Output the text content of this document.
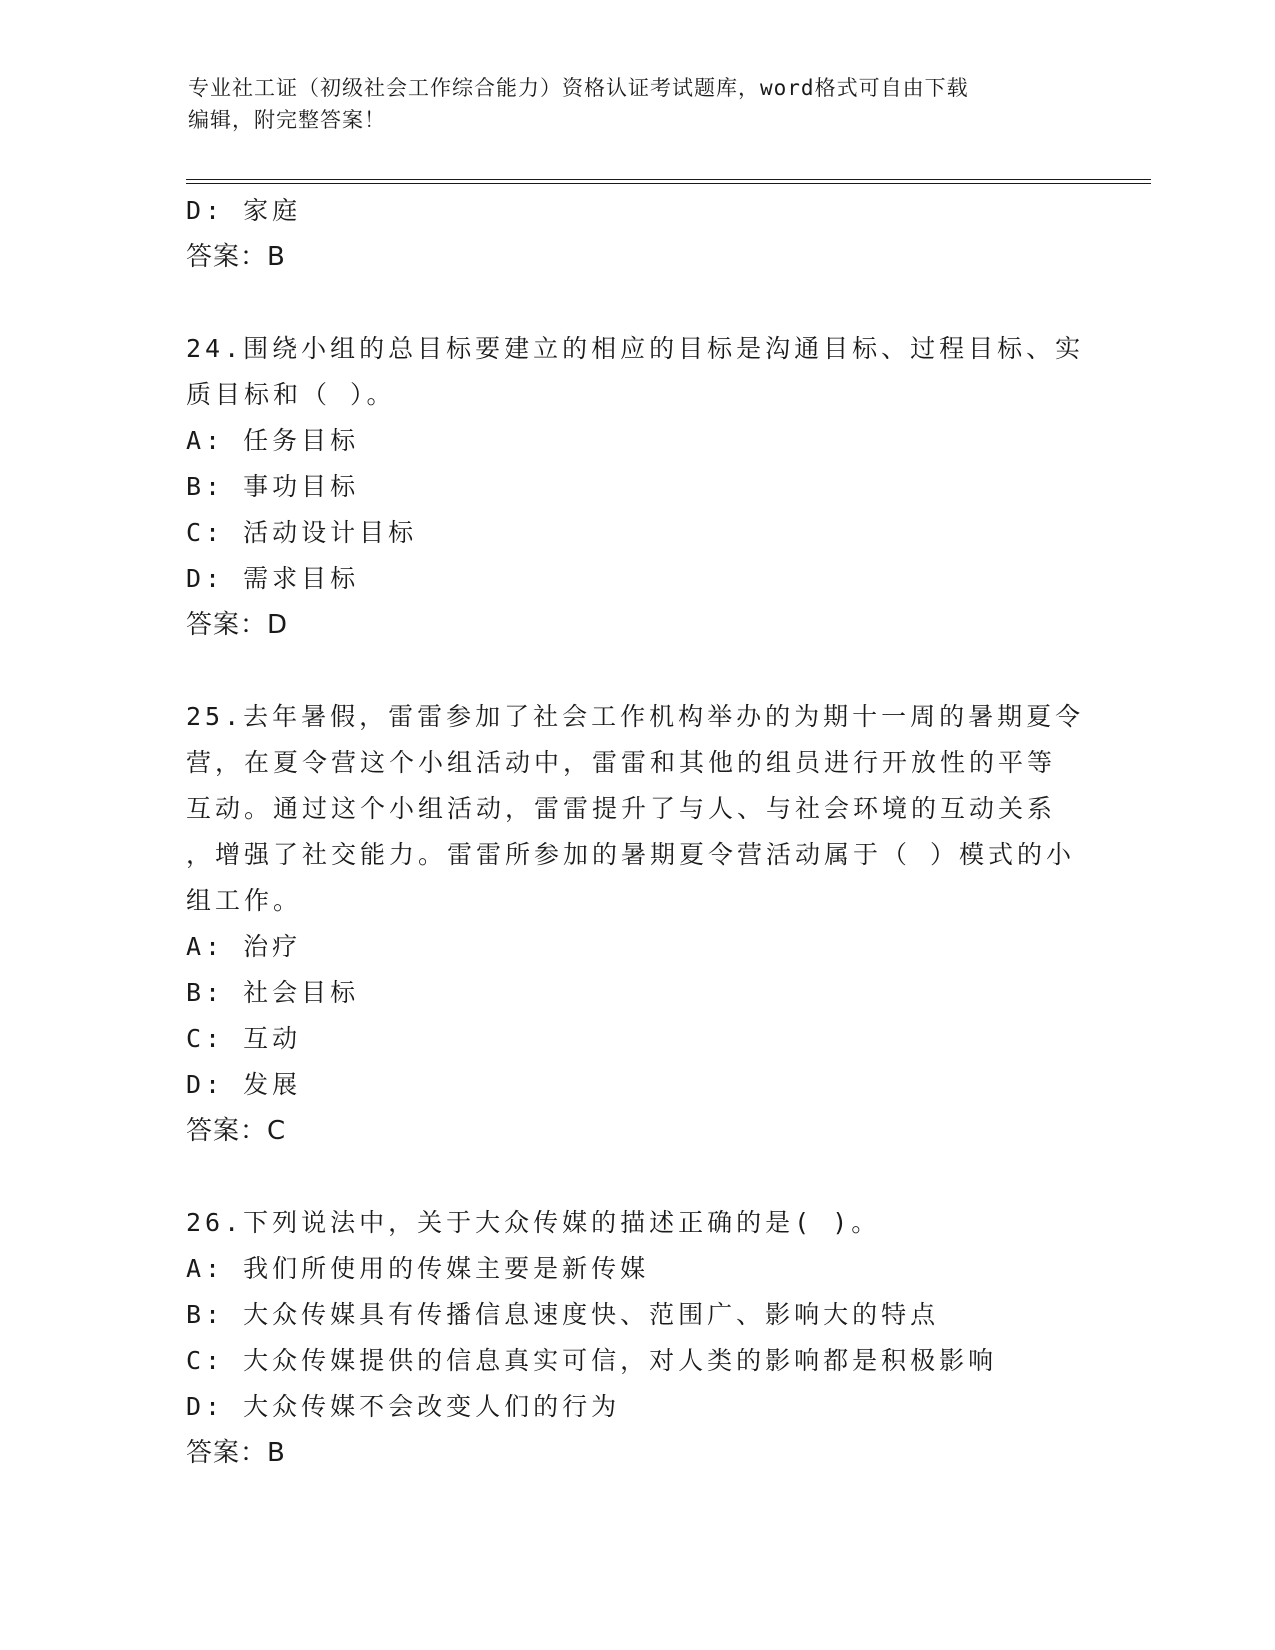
专业社工证（初级社会工作综合能力）资格认证考试题库，word格式可自由下载
编辑，附完整答案！
D: 家庭
答案：B
24.围绕小组的总目标要建立的相应的目标是沟通目标、过程目标、实
质目标和（ ）。
A: 任务目标
B: 事功目标
C: 活动设计目标
D: 需求目标
答案：D
25.去年暑假，雷雷参加了社会工作机构举办的为期十一周的暑期夏令
营，在夏令营这个小组活动中，雷雷和其他的组员进行开放性的平等
互动。通过这个小组活动，雷雷提升了与人、与社会环境的互动关系
，增强了社交能力。雷雷所参加的暑期夏令营活动属于（ ）模式的小
组工作。
A: 治疗
B: 社会目标
C: 互动
D: 发展
答案：C
26.下列说法中，关于大众传媒的描述正确的是( )。
A: 我们所使用的传媒主要是新传媒
B: 大众传媒具有传播信息速度快、范围广、影响大的特点
C: 大众传媒提供的信息真实可信，对人类的影响都是积极影响
D: 大众传媒不会改变人们的行为
答案：B
